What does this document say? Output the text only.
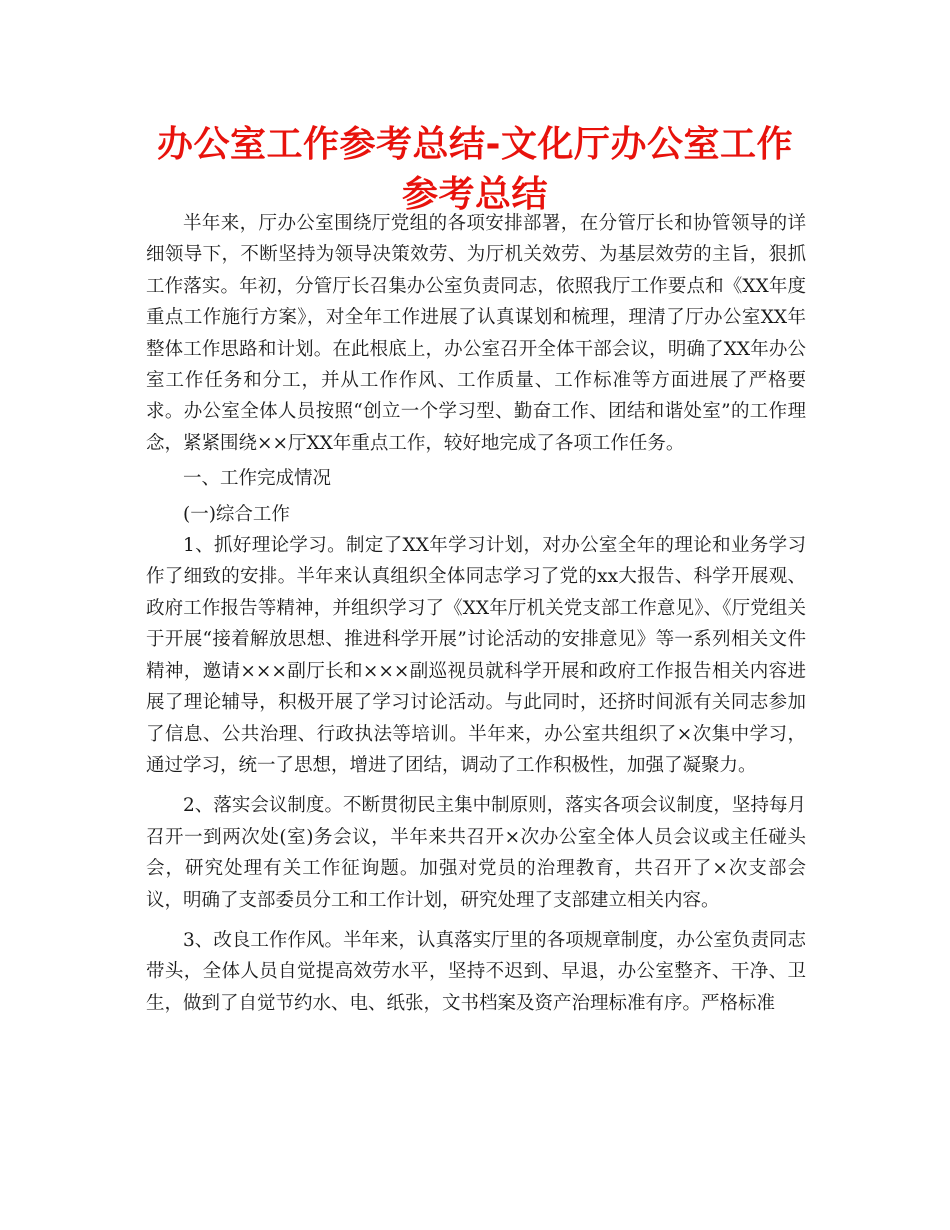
办公室工作参考总结-文化厅办公室工作参考总结

半年来，厅办公室围绕厅党组的各项安排部署，在分管厅长和协管领导的详细领导下，不断坚持为领导决策效劳、为厅机关效劳、为基层效劳的主旨，狠抓工作落实。年初，分管厅长召集办公室负责同志，依照我厅工作要点和《XX年度重点工作施行方案》，对全年工作进展了认真谋划和梳理，理清了厅办公室XX年整体工作思路和计划。在此根底上，办公室召开全体干部会议，明确了XX年办公室工作任务和分工，并从工作作风、工作质量、工作标准等方面进展了严格要求。办公室全体人员按照“创立一个学习型、勤奋工作、团结和谐处室”的工作理念，紧紧围绕××厅XX年重点工作，较好地完成了各项工作任务。

一、工作完成情况

(一)综合工作

1、抓好理论学习。制定了XX年学习计划，对办公室全年的理论和业务学习作了细致的安排。半年来认真组织全体同志学习了党的xx大报告、科学开展观、政府工作报告等精神，并组织学习了《XX年厅机关党支部工作意见》、《厅党组关于开展“接着解放思想、推进科学开展”讨论活动的安排意见》等一系列相关文件精神，邀请×××副厅长和×××副巡视员就科学开展和政府工作报告相关内容进展了理论辅导，积极开展了学习讨论活动。与此同时，还挤时间派有关同志参加了信息、公共治理、行政执法等培训。半年来，办公室共组织了×次集中学习，通过学习，统一了思想，增进了团结，调动了工作积极性，加强了凝聚力。

2、落实会议制度。不断贯彻民主集中制原则，落实各项会议制度，坚持每月召开一到两次处(室)务会议，半年来共召开×次办公室全体人员会议或主任碰头会，研究处理有关工作征询题。加强对党员的治理教育，共召开了×次支部会议，明确了支部委员分工和工作计划，研究处理了支部建立相关内容。

3、改良工作作风。半年来，认真落实厅里的各项规章制度，办公室负责同志带头，全体人员自觉提高效劳水平，坚持不迟到、早退，办公室整齐、干净、卫生，做到了自觉节约水、电、纸张，文书档案及资产治理标准有序。严格标准
